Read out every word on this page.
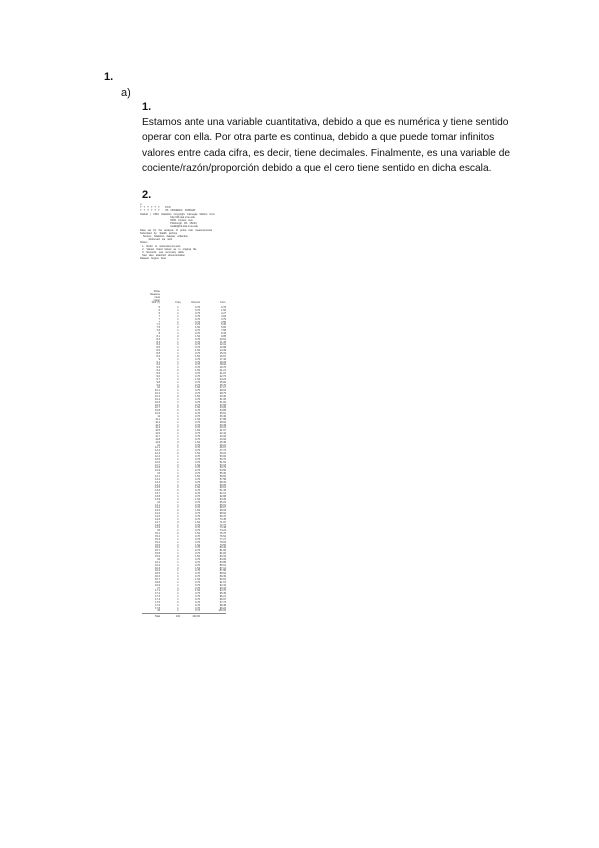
1.
a)
1.

Estamos ante una variable cuantitativa, debido a que es numérica y tiene sentido operar con ella. Por otra parte es continua, debido a que puede tomar infinitos valores entre cada cifra, es decir, tiene decimales. Finalmente, es una variable de cociente/razón/proporción debido a que el cero tiene sentido en dicha escala.

2.
p
?   ?   ?   ?   ?   ?        PCS
?   ?   ?   ?   ?   ?        IIS   NUMERIC   FORMAT
StatLib   |   CMU   Statistics   Copyright   Carnegie   Mellon   Univ.
http://lib.stat.cmu.edu
5000   Forbes   Ave.
Pittsburgh   PA   15213
statlib@lib.stat.cmu.edu
Data   set   for   the   analysis   of   pulse   rate   measurements
Submitted   by:   Statlib   archive
Source:   Statistics   dataset   collection
Retrieved   via   web
Notes:
1.   Refer   to   www.stat.cmu.edu
2.   Values   listed   below   as   in   original   file
3.   Records:   see   summary   table
See   also   attached   documentation
Dataset   begins   here
Pulse
Measure
ment
upper
limit (?)	Freq	Percent	Cum.
5	1	0.76	0.76
6	1	0.76	1.52
6	1	0.76	2.27
7	1	0.76	3.03
7	1	0.76	3.79
7	1	0.76	4.55
7.1	1	0.76	5.30
7.5	2	1.52	6.82
7.8	1	0.76	7.58
8	1	0.76	8.33
8.1	2	1.52	9.85
8.2	1	0.76	10.61
8.3	1	0.76	11.36
8.4	1	0.76	12.12
8.5	1	0.76	12.88
8.6	2	1.52	14.39
8.8	1	0.76	15.15
8.9	2	1.52	16.67
9	1	0.76	17.42
9.1	1	0.76	18.18
9.2	1	0.76	18.94
9.3	1	0.76	19.70
9.4	2	1.52	21.21
9.5	1	0.76	21.97
9.6	1	0.76	22.73
9.7	2	1.52	24.24
9.8	1	0.76	25.00
9.9	1	0.76	25.76
10	2	1.52	27.27
10.1	1	0.76	28.03
10.2	1	0.76	28.79
10.3	2	1.52	30.30
10.4	1	0.76	31.06
10.5	1	0.76	31.82
10.6	1	0.76	32.58
10.7	2	1.52	34.09
10.8	1	0.76	34.85
10.9	1	0.76	35.61
11	1	0.76	36.36
11.1	2	1.52	37.88
11.2	1	0.76	38.64
11.3	1	0.76	39.39
11.4	1	0.76	40.15
11.5	2	1.52	41.67
11.6	1	0.76	42.42
11.7	1	0.76	43.18
11.8	1	0.76	43.94
11.9	2	1.52	45.45
12	1	0.76	46.21
12.1	1	0.76	46.97
12.2	1	0.76	47.73
12.3	2	1.52	49.24
12.4	1	0.76	50.00
12.5	1	0.76	50.76
12.6	1	0.76	51.52
12.7	2	1.52	53.03
12.8	1	0.76	53.79
12.9	1	0.76	54.55
13	1	0.76	55.30
13.1	2	1.52	56.82
13.2	1	0.76	57.58
13.3	1	0.76	58.33
13.4	1	0.76	59.09
13.5	2	1.52	60.61
13.6	1	0.76	61.36
13.7	1	0.76	62.12
13.8	1	0.76	62.88
13.9	2	1.52	64.39
14	1	0.76	65.15
14.1	1	0.76	65.91
14.2	1	0.76	66.67
14.3	2	1.52	68.18
14.4	1	0.76	68.94
14.5	1	0.76	69.70
14.6	1	0.76	70.45
14.7	2	1.52	71.97
14.8	1	0.76	72.73
14.9	1	0.76	73.48
15	1	0.76	74.24
15.1	2	1.52	75.76
15.2	1	0.76	76.52
15.3	1	0.76	77.27
15.4	1	0.76	78.03
15.5	2	1.52	79.55
15.6	1	0.76	80.30
15.7	1	0.76	81.06
15.8	1	0.76	81.82
15.9	2	1.52	83.33
16	1	0.76	84.09
16.1	1	0.76	84.85
16.2	1	0.76	85.61
16.3	2	1.52	87.12
16.4	1	0.76	87.88
16.5	1	0.76	88.64
16.6	1	0.76	89.39
16.7	2	1.52	90.91
16.8	1	0.76	91.67
16.9	1	0.76	92.42
17	1	0.76	93.18
17.1	2	1.52	94.70
17.2	1	0.76	95.45
17.3	1	0.76	96.21
17.4	1	0.76	96.97
17.5	1	0.76	97.73
17.6	1	0.76	98.48
17.8	1	0.76	99.24
18	1	0.76	100.00
Total	132	100.00	
